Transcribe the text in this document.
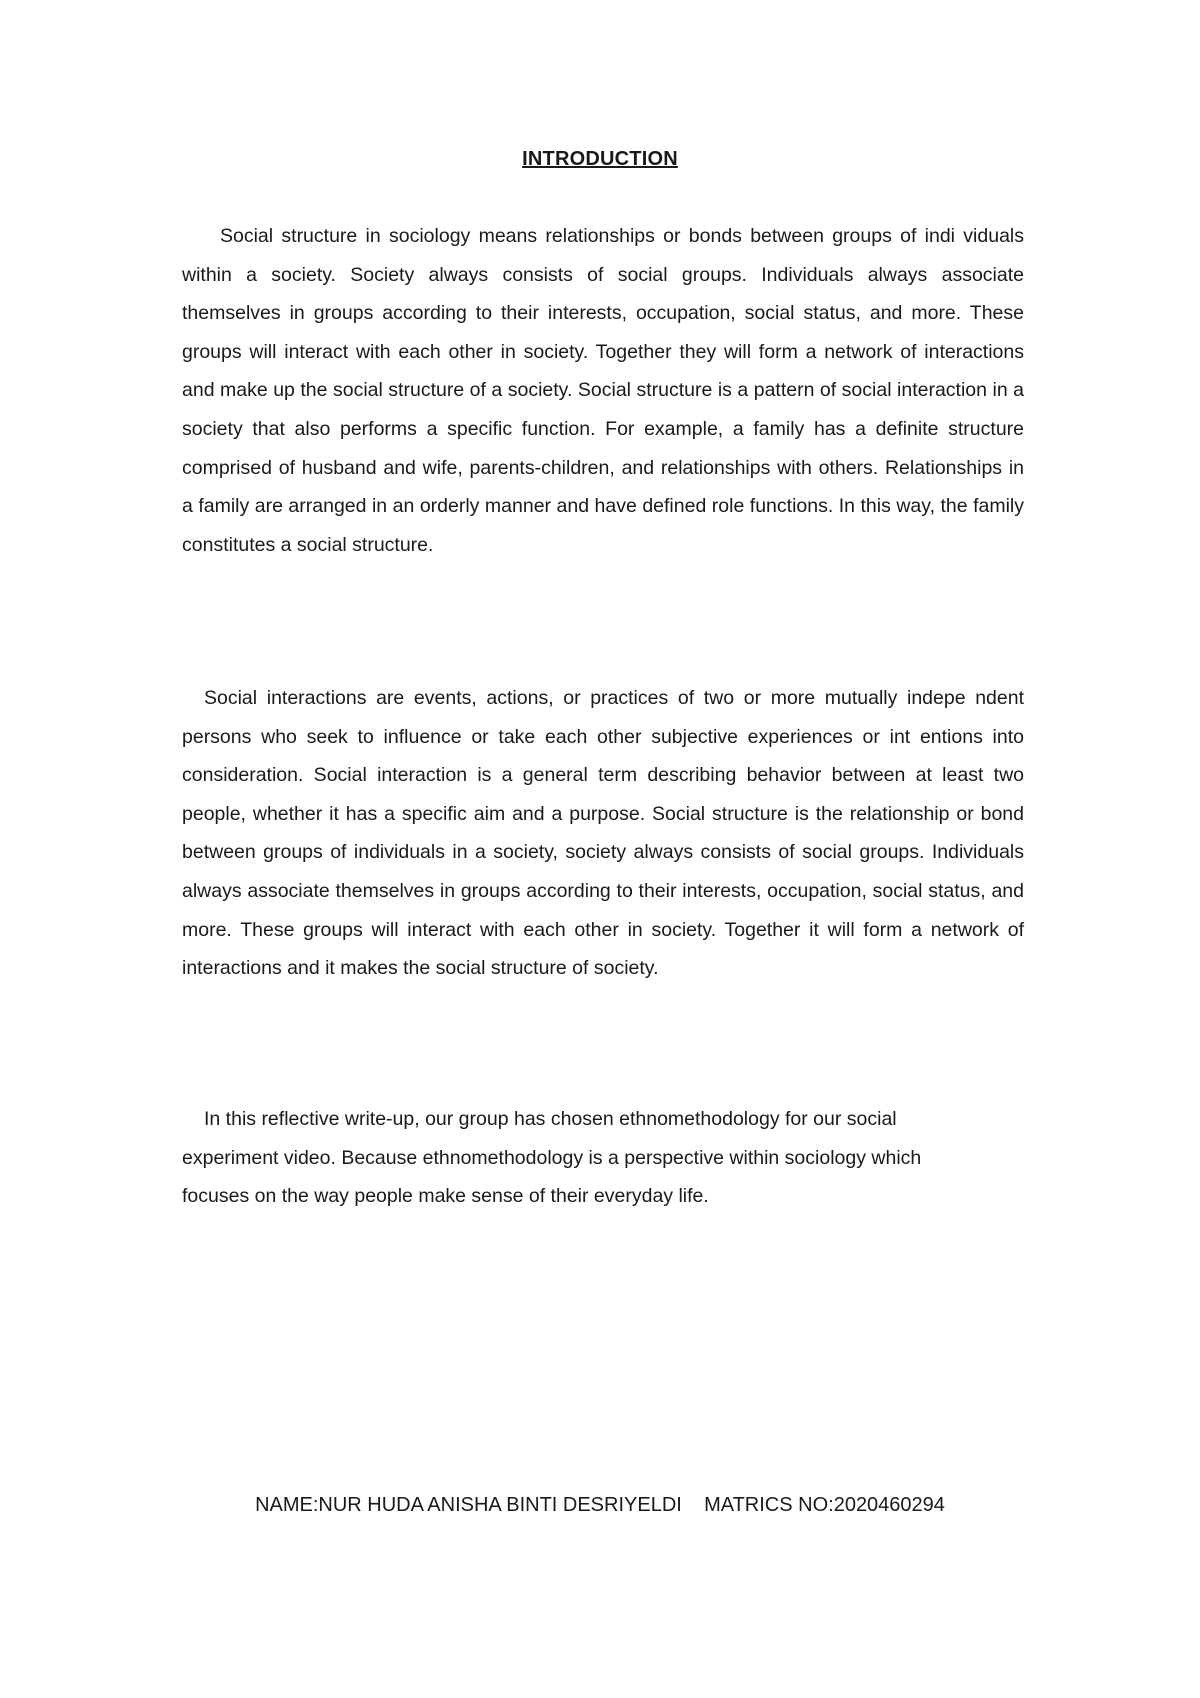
INTRODUCTION

Social structure in sociology means relationships or bonds between groups of indi viduals within a society. Society always consists of social groups. Individuals always associate themselves in groups according to their interests, occupation, social status, and more. These groups will interact with each other in society. Together they will form a network of interactions and make up the social structure of a society. Social structure is a pattern of social interaction in a society that also performs a specific function. For example, a family has a definite structure comprised of husband and wife, parents-children, and relationships with others. Relationships in a family are arranged in an orderly manner and have defined role functions. In this way, the family constitutes a social structure.

Social interactions are events, actions, or practices of two or more mutually indepe ndent persons who seek to influence or take each other subjective experiences or int entions into consideration. Social interaction is a general term describing behavior between at least two people, whether it has a specific aim and a purpose. Social structure is the relationship or bond between groups of individuals in a society, society always consists of social groups. Individuals always associate themselves in groups according to their interests, occupation, social status, and more. These groups will interact with each other in society. Together it will form a network of interactions and it makes the social structure of society.

In this reflective write-up, our group has chosen ethnomethodology for our social experiment video. Because ethnomethodology is a perspective within sociology which focuses on the way people make sense of their everyday life.

NAME:NUR HUDA ANISHA BINTI DESRIYELDI MATRICS NO:2020460294
